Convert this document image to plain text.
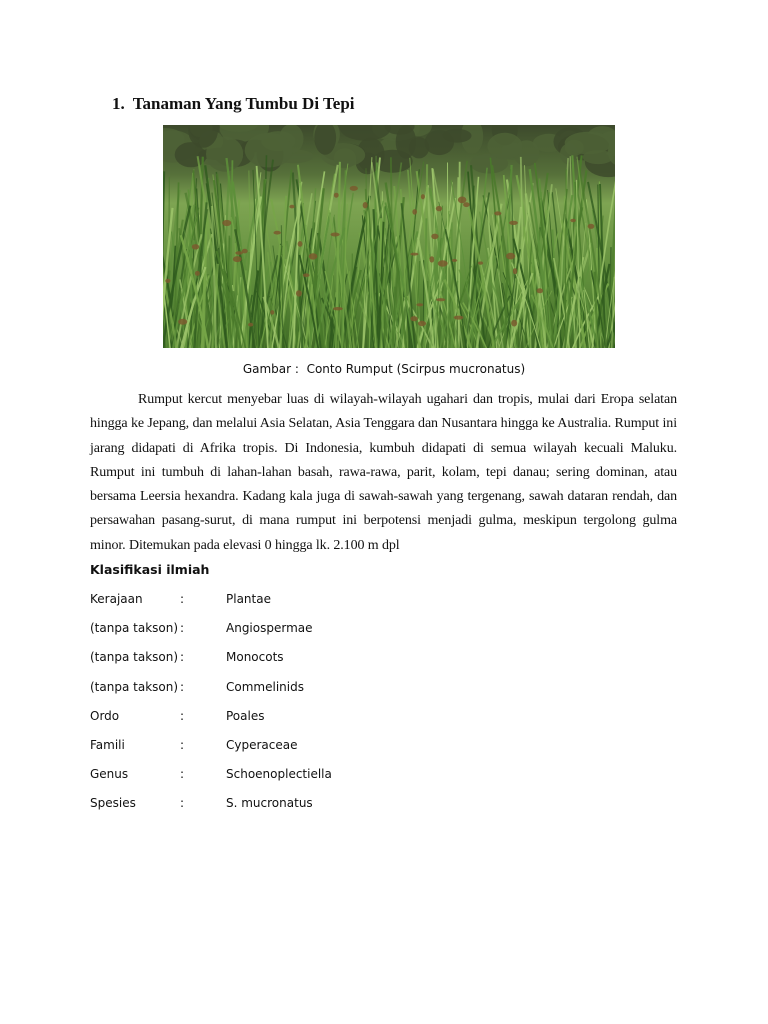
1. Tanaman Yang Tumbu Di Tepi
Gambar : Conto Rumput (Scirpus mucronatus)
Rumput kercut menyebar luas di wilayah-wilayah ugahari dan tropis, mulai dari Eropa selatan hingga ke Jepang, dan melalui Asia Selatan, Asia Tenggara dan Nusantara hingga ke Australia. Rumput ini jarang didapati di Afrika tropis. Di Indonesia, kumbuh didapati di semua wilayah kecuali Maluku. Rumput ini tumbuh di lahan-lahan basah, rawa-rawa, parit, kolam, tepi danau; sering dominan, atau bersama Leersia hexandra. Kadang kala juga di sawah-sawah yang tergenang, sawah dataran rendah, dan persawahan pasang-surut, di mana rumput ini berpotensi menjadi gulma, meskipun tergolong gulma minor. Ditemukan pada elevasi 0 hingga lk. 2.100 m dpl
Klasifikasi ilmiah
Kerajaan	:	Plantae
(tanpa takson) :	Angiospermae
(tanpa takson) :	Monocots
(tanpa takson) :	Commelinids
Ordo	:	Poales
Famili	:	Cyperaceae
Genus	:	Schoenoplectiella
Spesies	:	S. mucronatus
